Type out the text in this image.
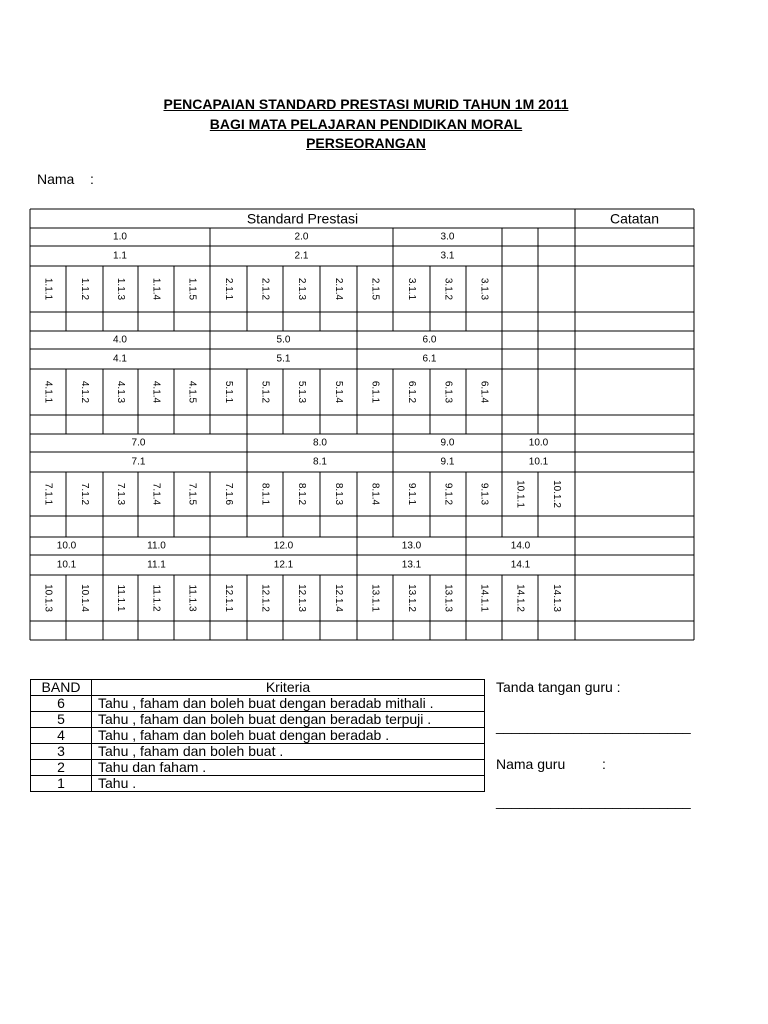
PENCAPAIAN STANDARD PRESTASI MURID TAHUN 1M 2011
BAGI MATA PELAJARAN PENDIDIKAN MORAL
PERSEORANGAN
Nama :
Standard Prestasi	Catatan
1.0	2.0	3.0
1.1	2.1	3.1
1.1.1	1.1.2	1.1.3 1.1.4	1.1.5	2.1.1	2.1.2	2.1.3	2.1.4	2.1.5	3.1.1	3.1.2	3.1.3
4.0	5.0	6.0
4.1	5.1	6.1
4.1.1	4.1.2	4.1.3 4.1.4	4.1.5	5.1.1	5.1.2	5.1.3	5.1.4	6.1.1	6.1.2	6.1.3	6.1.4
7.0	8.0	9.0	10.0
7.1	8.1	9.1	10.1
7.1.1	7.1.2	7.1.3 7.1.4	7.1.5	7.1.6	8.1.1	8.1.2	8.1.3	8.1.4	9.1.1	9.1.2	9.1.3	10.1.1	10.1.2
10.0	11.0	12.0	13.0	14.0
10.1	11.1	12.1	13.1	14.1
10.1.3	10.1.4	11.1.1 11.1.2	11.1.3	12.1.1	12.1.2	12.1.3	12.1.4	13.1.1	13.1.2	13.1.3	14.1.1	14.1.2	14.1.3
BAND	Kriteria
6	Tahu , faham dan boleh buat dengan beradab mithali .
5	Tahu , faham dan boleh buat dengan beradab terpuji .
4	Tahu , faham dan boleh buat dengan beradab .
3	Tahu , faham dan boleh buat .
2	Tahu dan faham .
1	Tahu .
Tanda tangan guru :
_________________________
Nama guru	:
_________________________
